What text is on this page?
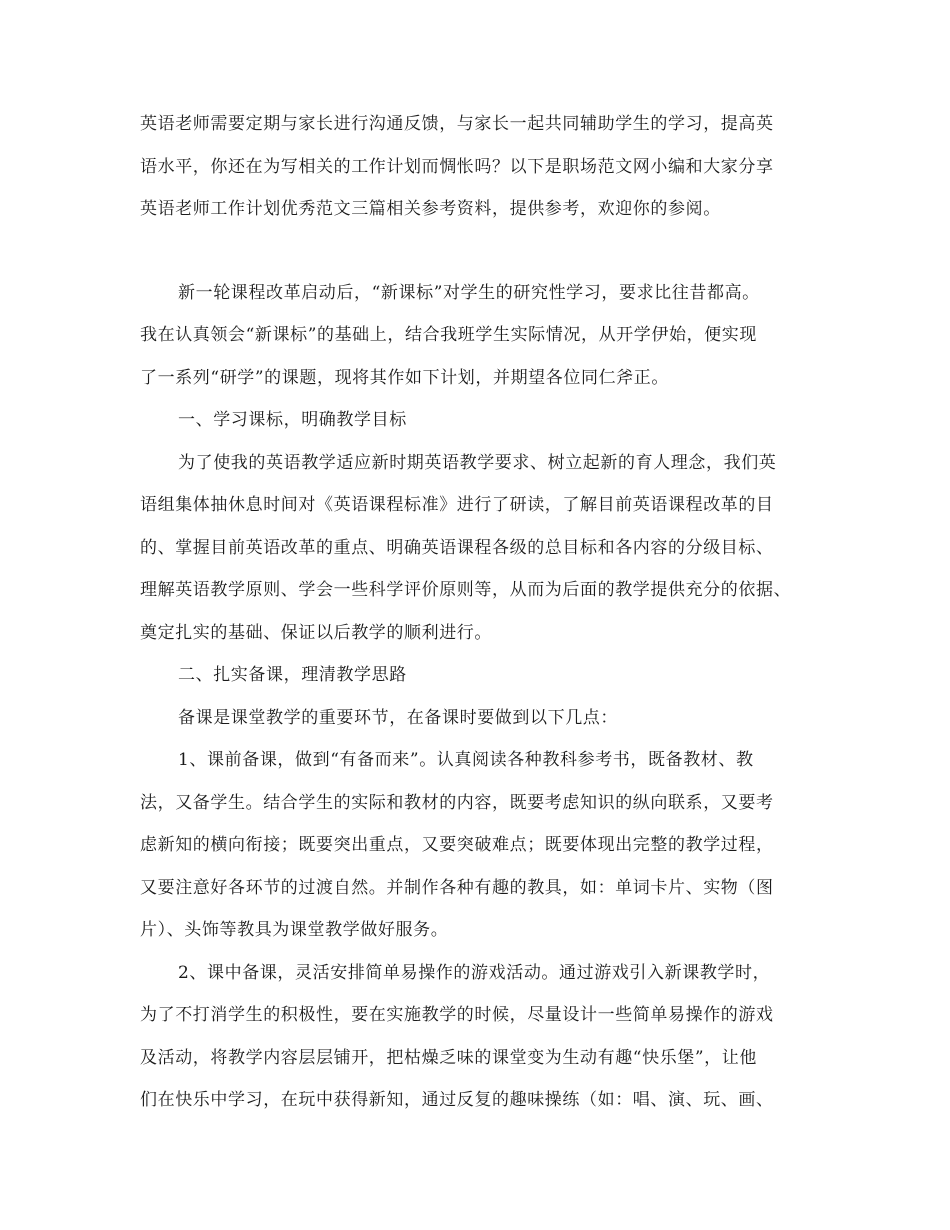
英语老师需要定期与家长进行沟通反馈，与家长一起共同辅助学生的学习，提高英
语水平，你还在为写相关的工作计划而惆怅吗？以下是职场范文网小编和大家分享
英语老师工作计划优秀范文三篇相关参考资料，提供参考，欢迎你的参阅。
新一轮课程改革启动后，“新课标”对学生的研究性学习，要求比往昔都高。
我在认真领会“新课标”的基础上，结合我班学生实际情况，从开学伊始，便实现
了一系列“研学”的课题，现将其作如下计划，并期望各位同仁斧正。
一、学习课标，明确教学目标
为了使我的英语教学适应新时期英语教学要求、树立起新的育人理念，我们英
语组集体抽休息时间对《英语课程标准》进行了研读，了解目前英语课程改革的目
的、掌握目前英语改革的重点、明确英语课程各级的总目标和各内容的分级目标、
理解英语教学原则、学会一些科学评价原则等，从而为后面的教学提供充分的依据、
奠定扎实的基础、保证以后教学的顺利进行。
二、扎实备课，理清教学思路
备课是课堂教学的重要环节，在备课时要做到以下几点：
1、课前备课，做到“有备而来”。认真阅读各种教科参考书，既备教材、教
法，又备学生。结合学生的实际和教材的内容，既要考虑知识的纵向联系，又要考
虑新知的横向衔接；既要突出重点，又要突破难点；既要体现出完整的教学过程，
又要注意好各环节的过渡自然。并制作各种有趣的教具，如：单词卡片、实物（图
片）、头饰等教具为课堂教学做好服务。
2、课中备课，灵活安排简单易操作的游戏活动。通过游戏引入新课教学时，
为了不打消学生的积极性，要在实施教学的时候，尽量设计一些简单易操作的游戏
及活动，将教学内容层层铺开，把枯燥乏味的课堂变为生动有趣“快乐堡”，让他
们在快乐中学习，在玩中获得新知，通过反复的趣味操练（如：唱、演、玩、画、
